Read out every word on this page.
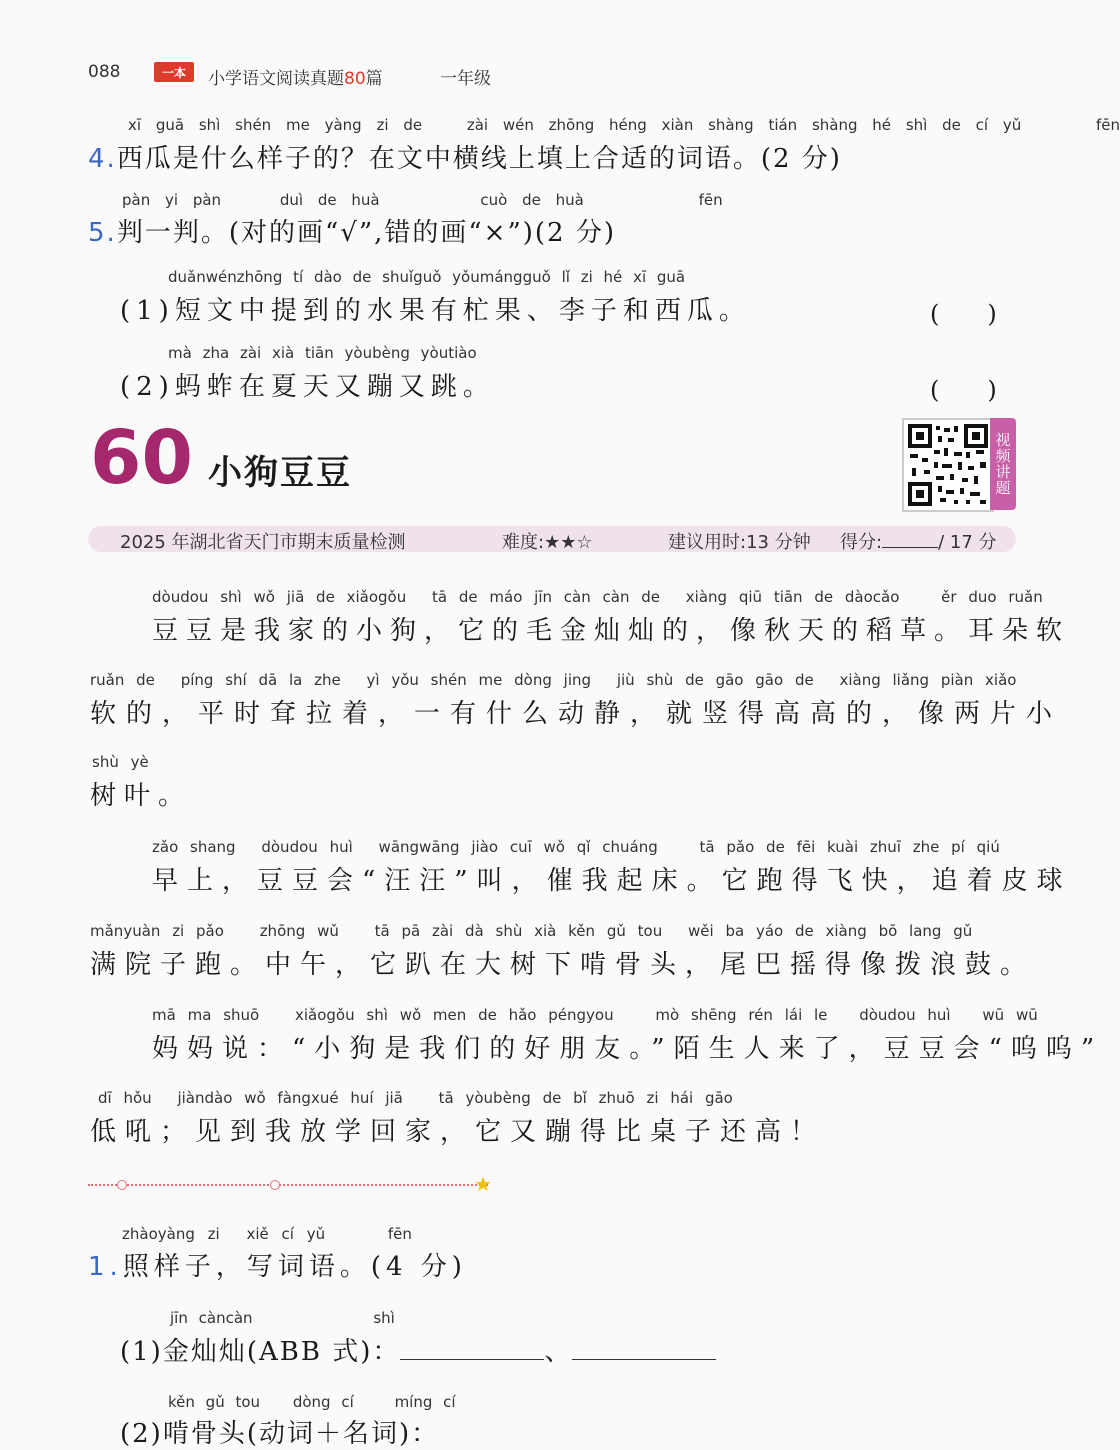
088	一本	小学语文阅读真题80篇	一年级
xī guā shì shén me yàng zi de	zài wén zhōng héng xiàn shàng tián shàng hé shì de cí yǔ	fēn
4.西瓜是什么样子的？在文中横线上填上合适的词语。(2 分)
pàn yi pàn	duì de huà	cuò de huà	fēn
5.判一判。(对的画“√”,错的画“×”)(2 分)
duǎnwénzhōng tí dào de shuǐguǒ yǒumángguǒ lǐ zi hé xī guā
(1)短文中提到的水果有杧果、李子和西瓜。	(　　)
mà zha zài xià tiān yòubèng yòutiào
(2)蚂蚱在夏天又蹦又跳。	(　　)
60 小狗豆豆	视频讲题
2025 年湖北省天门市期末质量检测	难度:★★☆	建议用时:13 分钟 得分:	/ 17 分
dòudou shì wǒ jiā de xiǎogǒu tā de máo jīn càn càn de xiàng qiū tiān de dàocǎo	ěr duo ruǎn
豆豆是我家的小狗，它的毛金灿灿的，像秋天的稻草。耳朵软
ruǎn de píng shí dā la zhe yì yǒu shén me dòng jing jiù shù de gāo gāo de xiàng liǎng piàn xiǎo
软的，平时耷拉着，一有什么动静，就竖得高高的，像两片小
shù yè
树叶。
zǎo shang dòudou huì wāngwāng jiào cuī wǒ qǐ chuáng	tā pǎo de fēi kuài zhuī zhe pí qiú
早上，豆豆会“汪汪”叫，催我起床。它跑得飞快，追着皮球
mǎnyuàn zi pǎo zhōng wǔ tā pā zài dà shù xià kěn gǔ tou wěi ba yáo de xiàng bō lang gǔ
满院子跑。中午，它趴在大树下啃骨头，尾巴摇得像拨浪鼓。
mā ma shuō xiǎogǒu shì wǒ men de hǎo péngyou	mò shēng rén lái le dòudou huì wū wū
妈妈说：“小狗是我们的好朋友。”陌生人来了，豆豆会“呜呜”
dī hǒu jiàndào wǒ fàngxué huí jiā tā yòubèng de bǐ zhuō zi hái gāo
低吼；见到我放学回家，它又蹦得比桌子还高！
★
zhàoyàng zi xiě cí yǔ	fēn
1.照样子，写词语。(4 分)
jīn càncàn	shì
(1)金灿灿(ABB 式)：	、
kěn gǔ tou dòng cí	míng cí
(2)啃骨头(动词＋名词)：
